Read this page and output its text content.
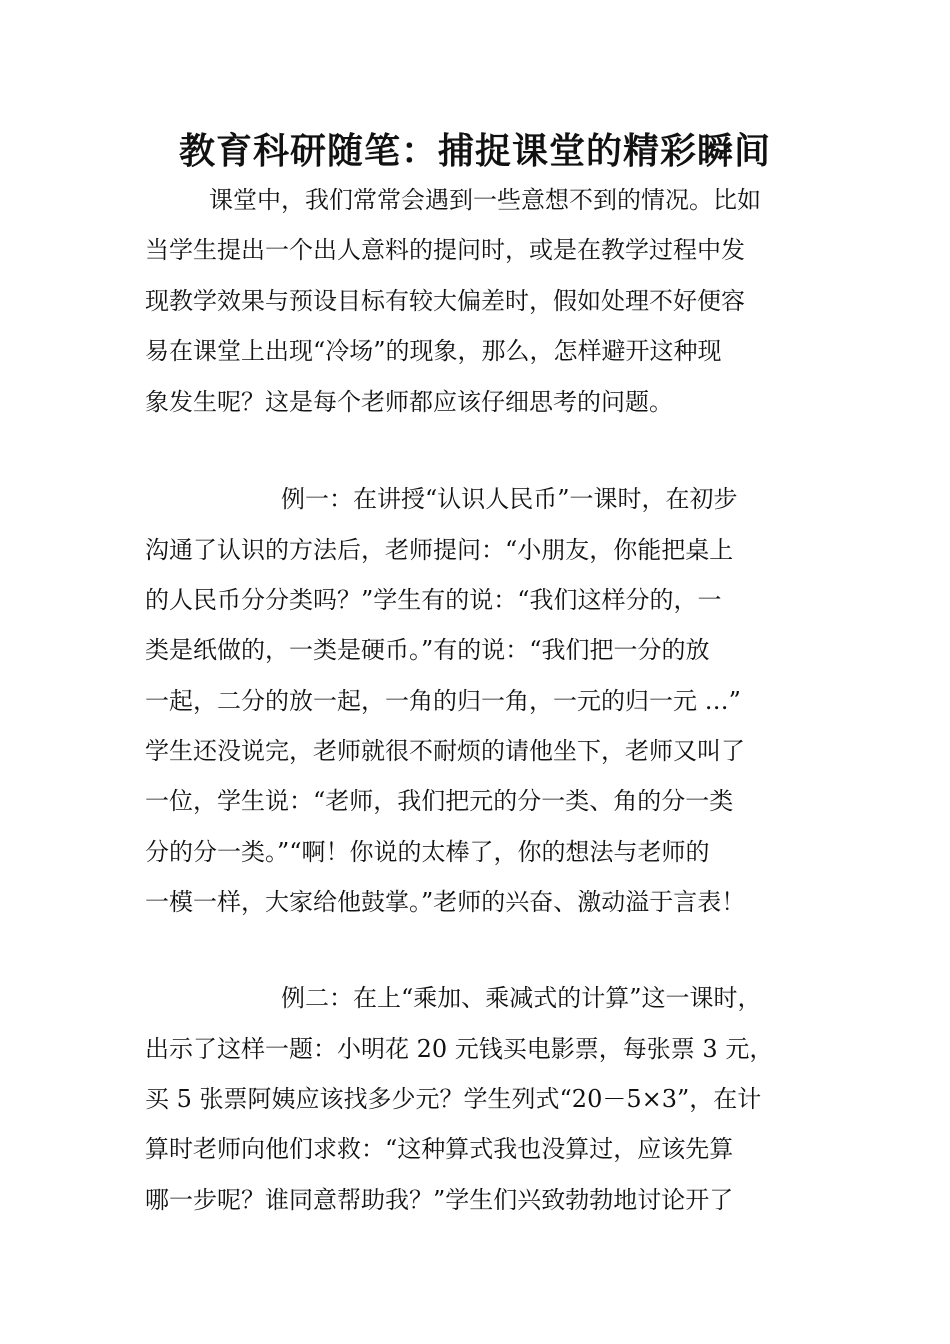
教育科研随笔：捕捉课堂的精彩瞬间
课堂中，我们常常会遇到一些意想不到的情况。比如
当学生提出一个出人意料的提问时，或是在教学过程中发
现教学效果与预设目标有较大偏差时，假如处理不好便容
易在课堂上出现“冷场”的现象，那么，怎样避开这种现
象发生呢？这是每个老师都应该仔细思考的问题。
例一：在讲授“认识人民币”一课时，在初步
沟通了认识的方法后，老师提问：“小朋友，你能把桌上
的人民币分分类吗？”学生有的说：“我们这样分的，一
类是纸做的，一类是硬币。”有的说：“我们把一分的放
一起，二分的放一起，一角的归一角，一元的归一元 …”
学生还没说完，老师就很不耐烦的请他坐下，老师又叫了
一位，学生说：“老师，我们把元的分一类、角的分一类
分的分一类。”“啊！你说的太棒了，你的想法与老师的
一模一样，大家给他鼓掌。”老师的兴奋、激动溢于言表！
例二：在上“乘加、乘减式的计算”这一课时，
出示了这样一题：小明花 20 元钱买电影票，每张票 3 元，
买 5 张票阿姨应该找多少元？学生列式“20－5×3”，在计
算时老师向他们求救：“这种算式我也没算过，应该先算
哪一步呢？谁同意帮助我？”学生们兴致勃勃地讨论开了
